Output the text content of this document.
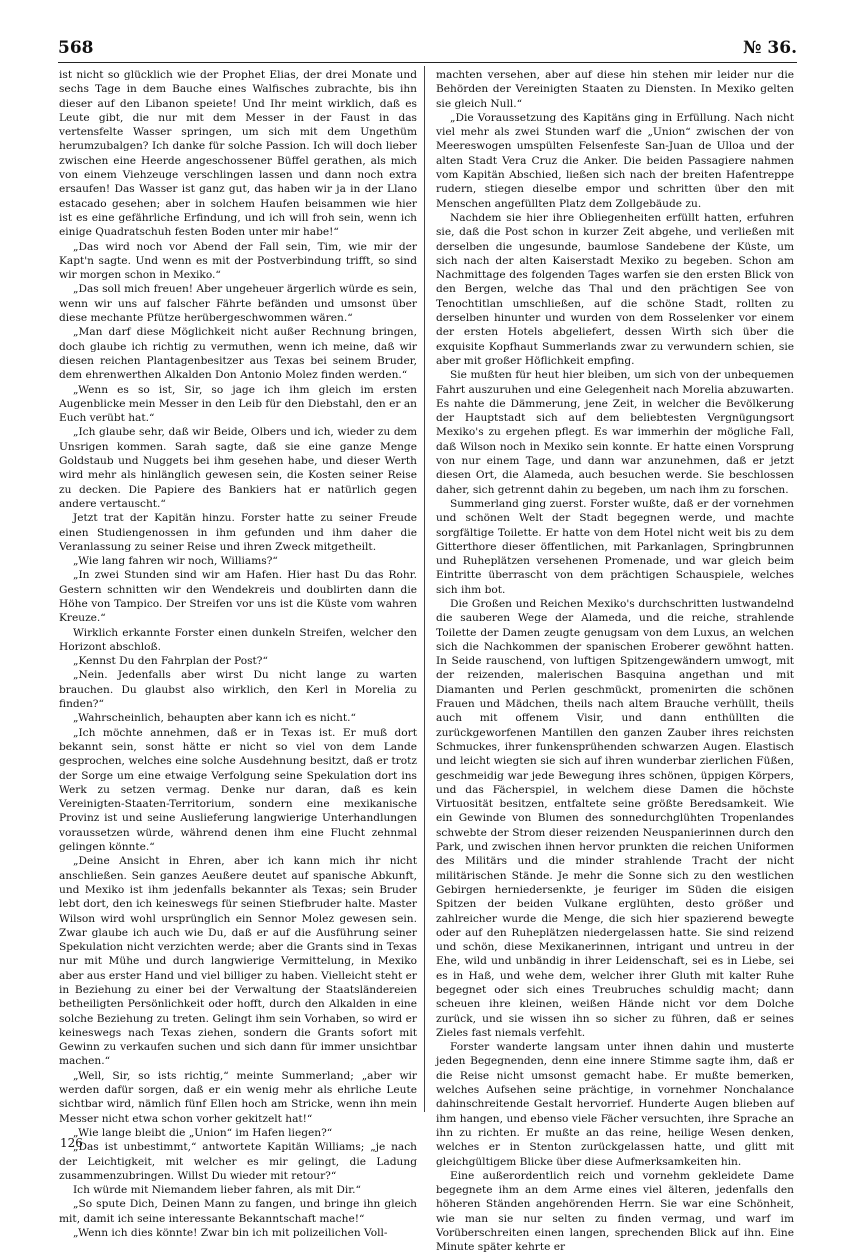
568	№ 36.

ist nicht so glücklich wie der Prophet Elias, der drei Monate und sechs Tage in dem Bauche eines Walfisches zubrachte, bis ihn dieser auf den Libanon speiete! Und Ihr meint wirklich, daß es Leute gibt, die nur mit dem Messer in der Faust in das vertensfelte Wasser springen, um sich mit dem Ungethüm herumzubalgen? Ich danke für solche Passion. Ich will doch lieber zwischen eine Heerde angeschossener Büffel gerathen, als mich von einem Viehzeuge verschlingen lassen und dann noch extra ersaufen! Das Wasser ist ganz gut, das haben wir ja in der Llano estacado gesehen; aber in solchem Haufen beisammen wie hier ist es eine gefährliche Erfindung, und ich will froh sein, wenn ich einige Quadratschuh festen Boden unter mir habe!“

„Das wird noch vor Abend der Fall sein, Tim, wie mir der Kapt'n sagte. Und wenn es mit der Postverbindung trifft, so sind wir morgen schon in Mexiko.“

„Das soll mich freuen! Aber ungeheuer ärgerlich würde es sein, wenn wir uns auf falscher Fährte befänden und umsonst über diese mechante Pfütze herübergeschwommen wären.“

„Man darf diese Möglichkeit nicht außer Rechnung bringen, doch glaube ich richtig zu vermuthen, wenn ich meine, daß wir diesen reichen Plantagenbesitzer aus Texas bei seinem Bruder, dem ehrenwerthen Alkalden Don Antonio Molez finden werden.“

„Wenn es so ist, Sir, so jage ich ihm gleich im ersten Augenblicke mein Messer in den Leib für den Diebstahl, den er an Euch verübt hat.“

„Ich glaube sehr, daß wir Beide, Olbers und ich, wieder zu dem Unsrigen kommen. Sarah sagte, daß sie eine ganze Menge Goldstaub und Nuggets bei ihm gesehen habe, und dieser Werth wird mehr als hinlänglich gewesen sein, die Kosten seiner Reise zu decken. Die Papiere des Bankiers hat er natürlich gegen andere vertauscht.“

Jetzt trat der Kapitän hinzu. Forster hatte zu seiner Freude einen Studiengenossen in ihm gefunden und ihm daher die Veranlassung zu seiner Reise und ihren Zweck mitgetheilt.

„Wie lang fahren wir noch, Williams?“

„In zwei Stunden sind wir am Hafen. Hier hast Du das Rohr. Gestern schnitten wir den Wendekreis und doublirten dann die Höhe von Tampico. Der Streifen vor uns ist die Küste vom wahren Kreuze.“

Wirklich erkannte Forster einen dunkeln Streifen, welcher den Horizont abschloß.

„Kennst Du den Fahrplan der Post?“

„Nein. Jedenfalls aber wirst Du nicht lange zu warten brauchen. Du glaubst also wirklich, den Kerl in Morelia zu finden?“

„Wahrscheinlich, behaupten aber kann ich es nicht.“

„Ich möchte annehmen, daß er in Texas ist. Er muß dort bekannt sein, sonst hätte er nicht so viel von dem Lande gesprochen, welches eine solche Ausdehnung besitzt, daß er trotz der Sorge um eine etwaige Verfolgung seine Spekulation dort ins Werk zu setzen vermag. Denke nur daran, daß es kein Vereinigten-Staaten-Territorium, sondern eine mexikanische Provinz ist und seine Auslieferung langwierige Unterhandlungen voraussetzen würde, während denen ihm eine Flucht zehnmal gelingen könnte.“

„Deine Ansicht in Ehren, aber ich kann mich ihr nicht anschließen. Sein ganzes Aeußere deutet auf spanische Abkunft, und Mexiko ist ihm jedenfalls bekannter als Texas; sein Bruder lebt dort, den ich keineswegs für seinen Stiefbruder halte. Master Wilson wird wohl ursprünglich ein Sennor Molez gewesen sein. Zwar glaube ich auch wie Du, daß er auf die Ausführung seiner Spekulation nicht verzichten werde; aber die Grants sind in Texas nur mit Mühe und durch langwierige Vermittelung, in Mexiko aber aus erster Hand und viel billiger zu haben. Vielleicht steht er in Beziehung zu einer bei der Verwaltung der Staatsländereien betheiligten Persönlichkeit oder hofft, durch den Alkalden in eine solche Beziehung zu treten. Gelingt ihm sein Vorhaben, so wird er keineswegs nach Texas ziehen, sondern die Grants sofort mit Gewinn zu verkaufen suchen und sich dann für immer unsichtbar machen.“

„Well, Sir, so ists richtig,“ meinte Summerland; „aber wir werden dafür sorgen, daß er ein wenig mehr als ehrliche Leute sichtbar wird, nämlich fünf Ellen hoch am Stricke, wenn ihn mein Messer nicht etwa schon vorher gekitzelt hat!“

„Wie lange bleibt die „Union“ im Hafen liegen?“

„Das ist unbestimmt,“ antwortete Kapitän Williams; „je nach der Leichtigkeit, mit welcher es mir gelingt, die Ladung zusammenzubringen. Willst Du wieder mit retour?“

Ich würde mit Niemandem lieber fahren, als mit Dir.“

„So spute Dich, Deinen Mann zu fangen, und bringe ihn gleich mit, damit ich seine interessante Bekanntschaft mache!“

„Wenn ich dies könnte! Zwar bin ich mit polizeilichen Voll-

machten versehen, aber auf diese hin stehen mir leider nur die Behörden der Vereinigten Staaten zu Diensten. In Mexiko gelten sie gleich Null.“

„Die Voraussetzung des Kapitäns ging in Erfüllung. Nach nicht viel mehr als zwei Stunden warf die „Union“ zwischen der von Meereswogen umspülten Felsenfeste San-Juan de Ulloa und der alten Stadt Vera Cruz die Anker. Die beiden Passagiere nahmen vom Kapitän Abschied, ließen sich nach der breiten Hafentreppe rudern, stiegen dieselbe empor und schritten über den mit Menschen angefüllten Platz dem Zollgebäude zu.

Nachdem sie hier ihre Obliegenheiten erfüllt hatten, erfuhren sie, daß die Post schon in kurzer Zeit abgehe, und verließen mit derselben die ungesunde, baumlose Sandebene der Küste, um sich nach der alten Kaiserstadt Mexiko zu begeben. Schon am Nachmittage des folgenden Tages warfen sie den ersten Blick von den Bergen, welche das Thal und den prächtigen See von Tenochtitlan umschließen, auf die schöne Stadt, rollten zu derselben hinunter und wurden von dem Rosselenker vor einem der ersten Hotels abgeliefert, dessen Wirth sich über die exquisite Kopfhaut Summerlands zwar zu verwundern schien, sie aber mit großer Höflichkeit empfing.

Sie mußten für heut hier bleiben, um sich von der unbequemen Fahrt auszuruhen und eine Gelegenheit nach Morelia abzuwarten. Es nahte die Dämmerung, jene Zeit, in welcher die Bevölkerung der Hauptstadt sich auf dem beliebtesten Vergnügungsort Mexiko's zu ergehen pflegt. Es war immerhin der mögliche Fall, daß Wilson noch in Mexiko sein konnte. Er hatte einen Vorsprung von nur einem Tage, und dann war anzunehmen, daß er jetzt diesen Ort, die Alameda, auch besuchen werde. Sie beschlossen daher, sich getrennt dahin zu begeben, um nach ihm zu forschen.

Summerland ging zuerst. Forster wußte, daß er der vornehmen und schönen Welt der Stadt begegnen werde, und machte sorgfältige Toilette. Er hatte von dem Hotel nicht weit bis zu dem Gitterthore dieser öffentlichen, mit Parkanlagen, Springbrunnen und Ruheplätzen versehenen Promenade, und war gleich beim Eintritte überrascht von dem prächtigen Schauspiele, welches sich ihm bot.

Die Großen und Reichen Mexiko's durchschritten lustwandelnd die sauberen Wege der Alameda, und die reiche, strahlende Toilette der Damen zeugte genugsam von dem Luxus, an welchen sich die Nachkommen der spanischen Eroberer gewöhnt hatten. In Seide rauschend, von luftigen Spitzengewändern umwogt, mit der reizenden, malerischen Basquina angethan und mit Diamanten und Perlen geschmückt, promenirten die schönen Frauen und Mädchen, theils nach altem Brauche verhüllt, theils auch mit offenem Visir, und dann enthüllten die zurückgeworfenen Mantillen den ganzen Zauber ihres reichsten Schmuckes, ihrer funkensprühenden schwarzen Augen. Elastisch und leicht wiegten sie sich auf ihren wunderbar zierlichen Füßen, geschmeidig war jede Bewegung ihres schönen, üppigen Körpers, und das Fächerspiel, in welchem diese Damen die höchste Virtuosität besitzen, entfaltete seine größte Beredsamkeit. Wie ein Gewinde von Blumen des sonnedurchglühten Tropenlandes schwebte der Strom dieser reizenden Neuspanierinnen durch den Park, und zwischen ihnen hervor prunkten die reichen Uniformen des Militärs und die minder strahlende Tracht der nicht militärischen Stände. Je mehr die Sonne sich zu den westlichen Gebirgen herniedersenkte, je feuriger im Süden die eisigen Spitzen der beiden Vulkane erglühten, desto größer und zahlreicher wurde die Menge, die sich hier spazierend bewegte oder auf den Ruheplätzen niedergelassen hatte. Sie sind reizend und schön, diese Mexikanerinnen, intrigant und untreu in der Ehe, wild und unbändig in ihrer Leidenschaft, sei es in Liebe, sei es in Haß, und wehe dem, welcher ihrer Gluth mit kalter Ruhe begegnet oder sich eines Treubruches schuldig macht; dann scheuen ihre kleinen, weißen Hände nicht vor dem Dolche zurück, und sie wissen ihn so sicher zu führen, daß er seines Zieles fast niemals verfehlt.

Forster wanderte langsam unter ihnen dahin und musterte jeden Begegnenden, denn eine innere Stimme sagte ihm, daß er die Reise nicht umsonst gemacht habe. Er mußte bemerken, welches Aufsehen seine prächtige, in vornehmer Nonchalance dahinschreitende Gestalt hervorrief. Hunderte Augen blieben auf ihm hangen, und ebenso viele Fächer versuchten, ihre Sprache an ihn zu richten. Er mußte an das reine, heilige Wesen denken, welches er in Stenton zurückgelassen hatte, und glitt mit gleichgültigem Blicke über diese Aufmerksamkeiten hin.

Eine außerordentlich reich und vornehm gekleidete Dame begegnete ihm an dem Arme eines viel älteren, jedenfalls den höheren Ständen angehörenden Herrn. Sie war eine Schönheit, wie man sie nur selten zu finden vermag, und warf im Vorüberschreiten einen langen, sprechenden Blick auf ihn. Eine Minute später kehrte er

126
